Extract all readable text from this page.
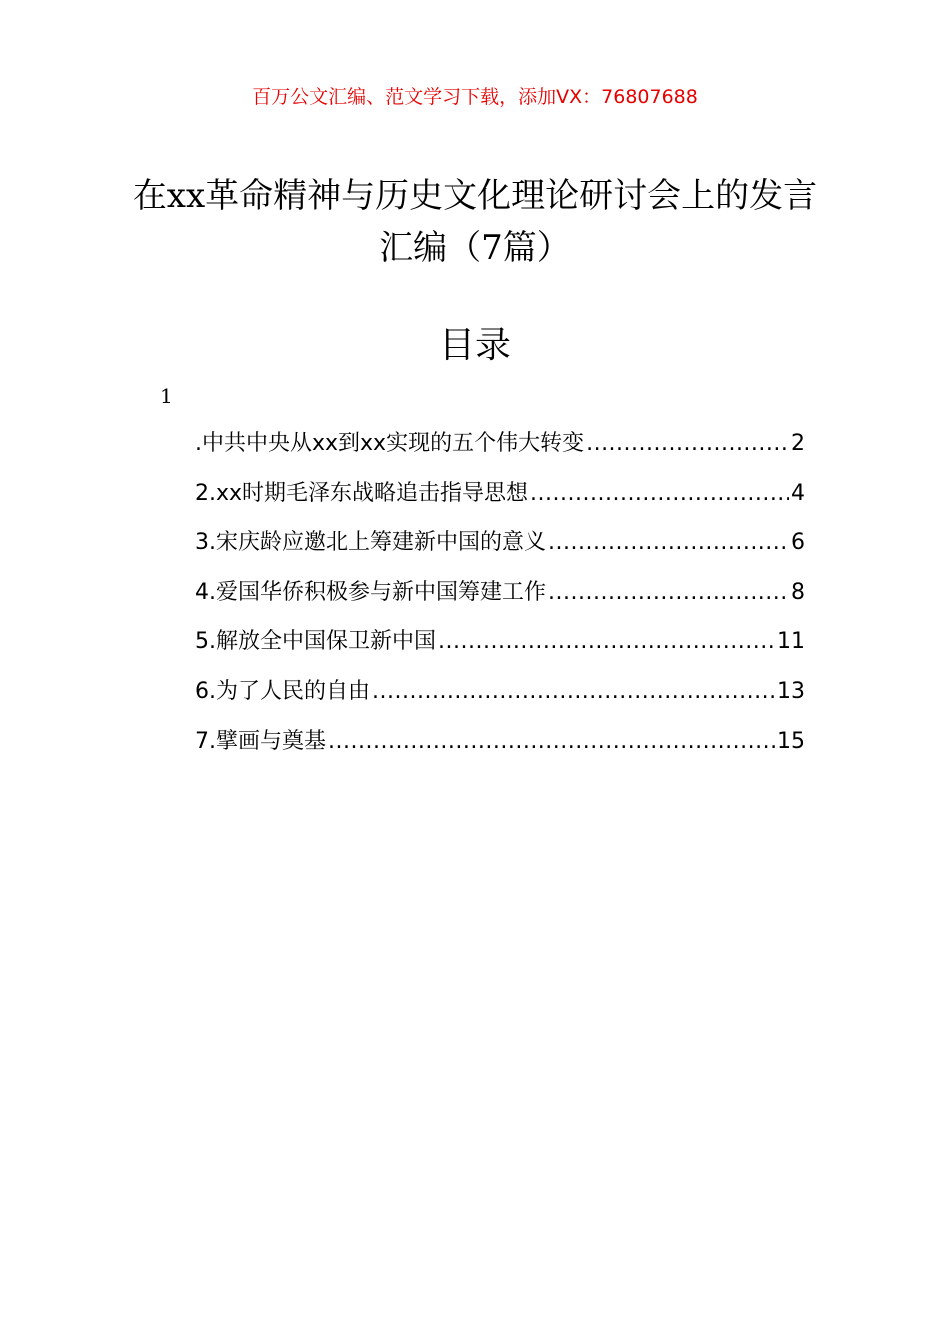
百万公文汇编、范文学习下载，添加VX：76807688
在xx革命精神与历史文化理论研讨会上的发言汇编（7篇）
目录
1
.中共中央从xx到xx实现的五个伟大转变 .....	2
2.xx时期毛泽东战略追击指导思想 .....	4
3.宋庆龄应邀北上筹建新中国的意义 .....	6
4.爱国华侨积极参与新中国筹建工作 .....	8
5.解放全中国保卫新中国 .....	11
6.为了人民的自由 .....	13
7.擘画与奠基 .....	15
